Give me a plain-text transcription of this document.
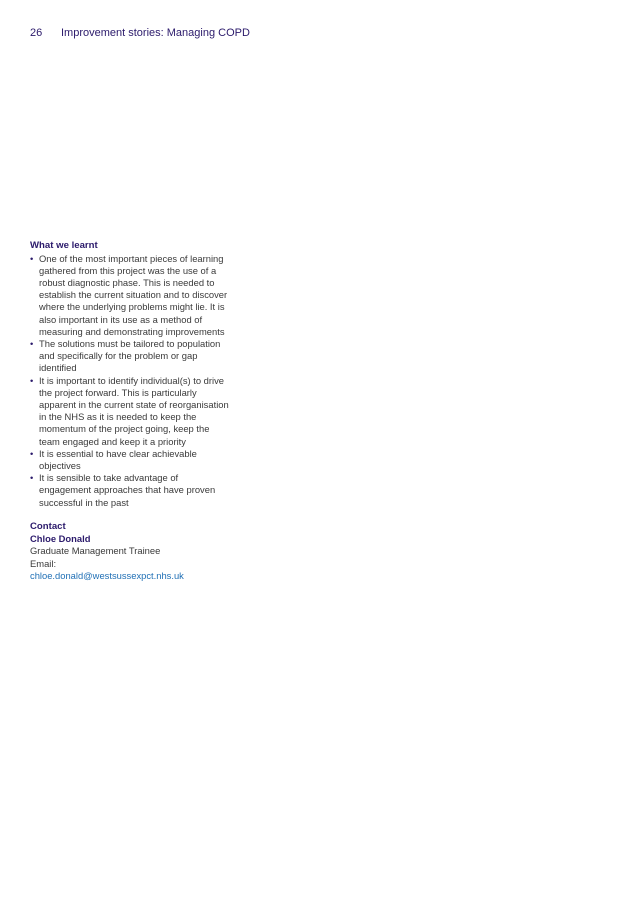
26 Improvement stories: Managing COPD
What we learnt
• One of the most important pieces of learning gathered from this project was the use of a robust diagnostic phase. This is needed to establish the current situation and to discover where the underlying problems might lie. It is also important in its use as a method of measuring and demonstrating improvements
• The solutions must be tailored to population and specifically for the problem or gap identified
• It is important to identify individual(s) to drive the project forward. This is particularly apparent in the current state of reorganisation in the NHS as it is needed to keep the momentum of the project going, keep the team engaged and keep it a priority
• It is essential to have clear achievable objectives
• It is sensible to take advantage of engagement approaches that have proven successful in the past
Contact
Chloe Donald
Graduate Management Trainee
Email:
chloe.donald@westsussexpct.nhs.uk
